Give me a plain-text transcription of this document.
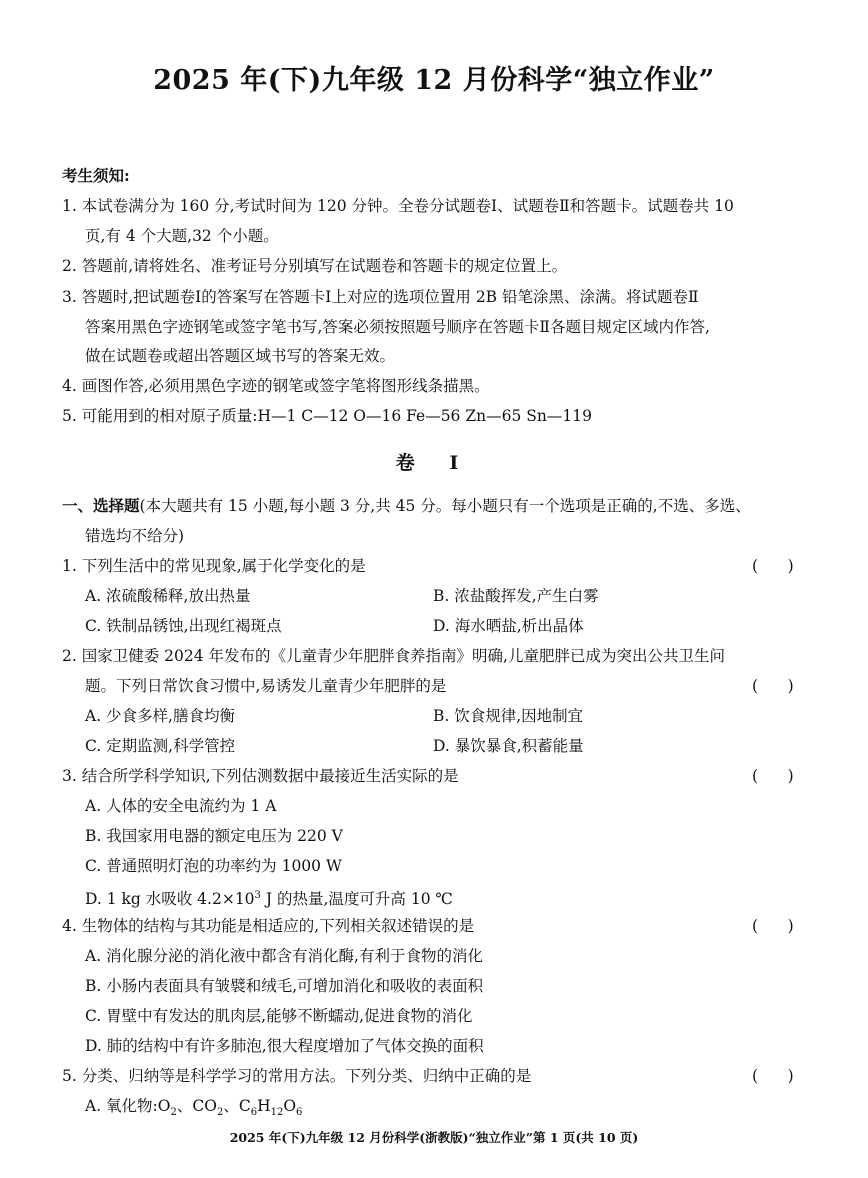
2025 年(下)九年级 12 月份科学“独立作业”
考生须知:
1. 本试卷满分为 160 分,考试时间为 120 分钟。全卷分试题卷Ⅰ、试题卷Ⅱ和答题卡。试题卷共 10
页,有 4 个大题,32 个小题。
2. 答题前,请将姓名、准考证号分别填写在试题卷和答题卡的规定位置上。
3. 答题时,把试题卷Ⅰ的答案写在答题卡Ⅰ上对应的选项位置用 2B 铅笔涂黑、涂满。将试题卷Ⅱ
答案用黑色字迹钢笔或签字笔书写,答案必须按照题号顺序在答题卡Ⅱ各题目规定区域内作答,
做在试题卷或超出答题区域书写的答案无效。
4. 画图作答,必须用黑色字迹的钢笔或签字笔将图形线条描黑。
5. 可能用到的相对原子质量:H—1 C—12 O—16 Fe—56 Zn—65 Sn—119
卷 Ⅰ
一、选择题(本大题共有 15 小题,每小题 3 分,共 45 分。每小题只有一个选项是正确的,不选、多选、
错选均不给分)
1. 下列生活中的常见现象,属于化学变化的是	(      )
A. 浓硫酸稀释,放出热量	B. 浓盐酸挥发,产生白雾
C. 铁制品锈蚀,出现红褐斑点	D. 海水晒盐,析出晶体
2. 国家卫健委 2024 年发布的《儿童青少年肥胖食养指南》明确,儿童肥胖已成为突出公共卫生问
题。下列日常饮食习惯中,易诱发儿童青少年肥胖的是	(      )
A. 少食多样,膳食均衡	B. 饮食规律,因地制宜
C. 定期监测,科学管控	D. 暴饮暴食,积蓄能量
3. 结合所学科学知识,下列估测数据中最接近生活实际的是	(      )
A. 人体的安全电流约为 1 A
B. 我国家用电器的额定电压为 220 V
C. 普通照明灯泡的功率约为 1000 W
D. 1 kg 水吸收 $4.2\times 10^3$ J 的热量,温度可升高 10 ℃
4. 生物体的结构与其功能是相适应的,下列相关叙述错误的是	(      )
A. 消化腺分泌的消化液中都含有消化酶,有利于食物的消化
B. 小肠内表面具有皱襞和绒毛,可增加消化和吸收的表面积
C. 胃壁中有发达的肌肉层,能够不断蠕动,促进食物的消化
D. 肺的结构中有许多肺泡,很大程度增加了气体交换的面积
5. 分类、归纳等是科学学习的常用方法。下列分类、归纳中正确的是	(      )
A. 氧化物$:O_2$、$CO_2$、$C_6H_{12}O_6$
2025 年(下)九年级 12 月份科学(浙教版)“独立作业”第 1 页(共 10 页)
